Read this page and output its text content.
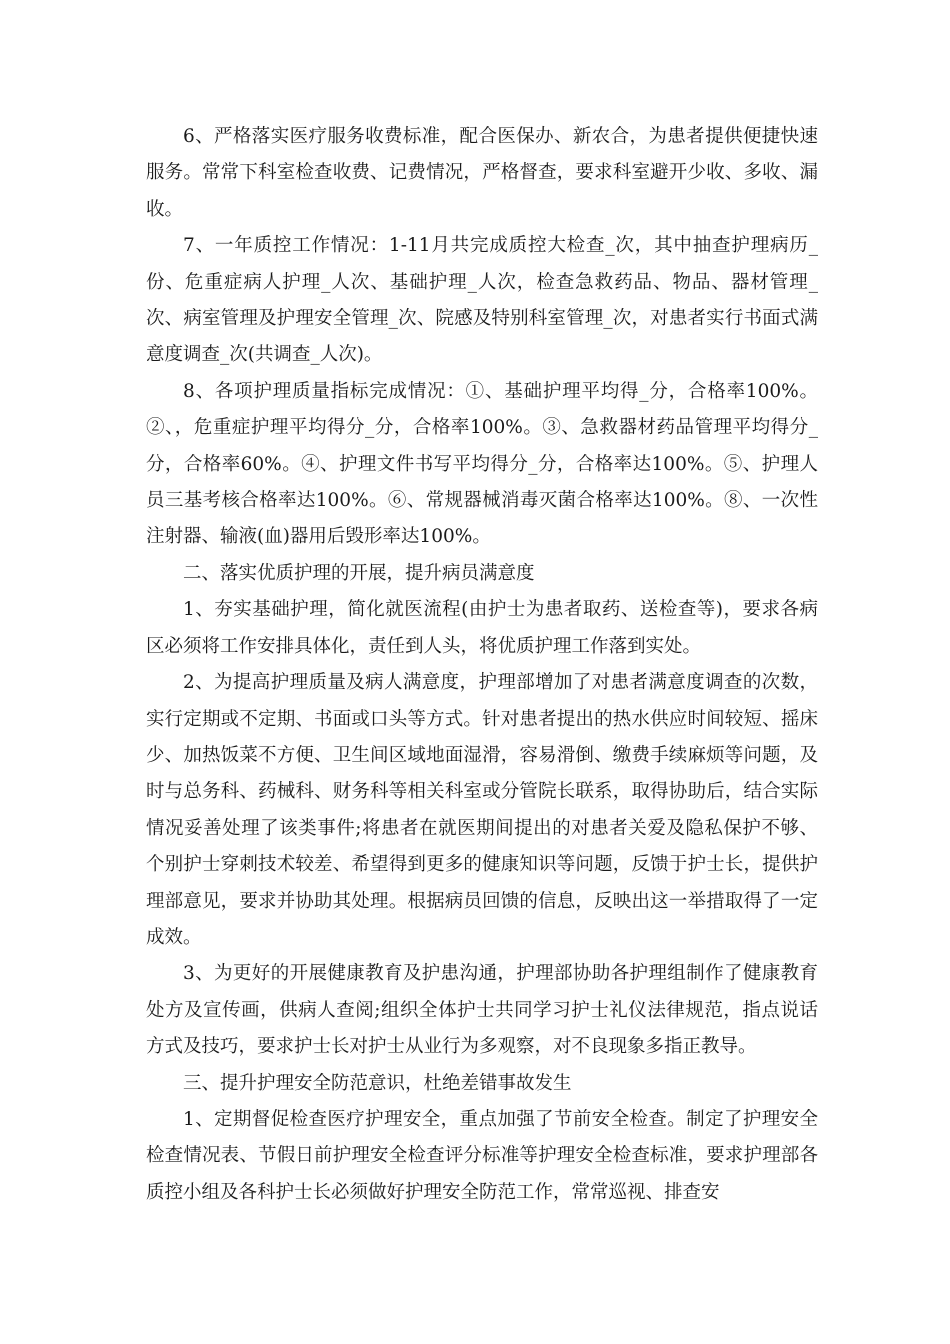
6、严格落实医疗服务收费标准，配合医保办、新农合，为患者提供便捷快速服务。常常下科室检查收费、记费情况，严格督查，要求科室避开少收、多收、漏收。

7、一年质控工作情况：1-11月共完成质控大检查_次，其中抽查护理病历_份、危重症病人护理_人次、基础护理_人次，检查急救药品、物品、器材管理_次、病室管理及护理安全管理_次、院感及特别科室管理_次，对患者实行书面式满意度调查_次(共调查_人次)。

8、各项护理质量指标完成情况：①、基础护理平均得_分，合格率100%。②、，危重症护理平均得分_分，合格率100%。③、急救器材药品管理平均得分_分，合格率60%。④、护理文件书写平均得分_分，合格率达100%。⑤、护理人员三基考核合格率达100%。⑥、常规器械消毒灭菌合格率达100%。⑧、一次性注射器、输液(血)器用后毁形率达100%。

二、落实优质护理的开展，提升病员满意度

1、夯实基础护理，简化就医流程(由护士为患者取药、送检查等)，要求各病区必须将工作安排具体化，责任到人头，将优质护理工作落到实处。

2、为提高护理质量及病人满意度，护理部增加了对患者满意度调查的次数，实行定期或不定期、书面或口头等方式。针对患者提出的热水供应时间较短、摇床少、加热饭菜不方便、卫生间区域地面湿滑，容易滑倒、缴费手续麻烦等问题，及时与总务科、药械科、财务科等相关科室或分管院长联系，取得协助后，结合实际情况妥善处理了该类事件;将患者在就医期间提出的对患者关爱及隐私保护不够、个别护士穿刺技术较差、希望得到更多的健康知识等问题，反馈于护士长，提供护理部意见，要求并协助其处理。根据病员回馈的信息，反映出这一举措取得了一定成效。

3、为更好的开展健康教育及护患沟通，护理部协助各护理组制作了健康教育处方及宣传画，供病人查阅;组织全体护士共同学习护士礼仪法律规范，指点说话方式及技巧，要求护士长对护士从业行为多观察，对不良现象多指正教导。

三、提升护理安全防范意识，杜绝差错事故发生

1、定期督促检查医疗护理安全，重点加强了节前安全检查。制定了护理安全检查情况表、节假日前护理安全检查评分标准等护理安全检查标准，要求护理部各质控小组及各科护士长必须做好护理安全防范工作，常常巡视、排查安
